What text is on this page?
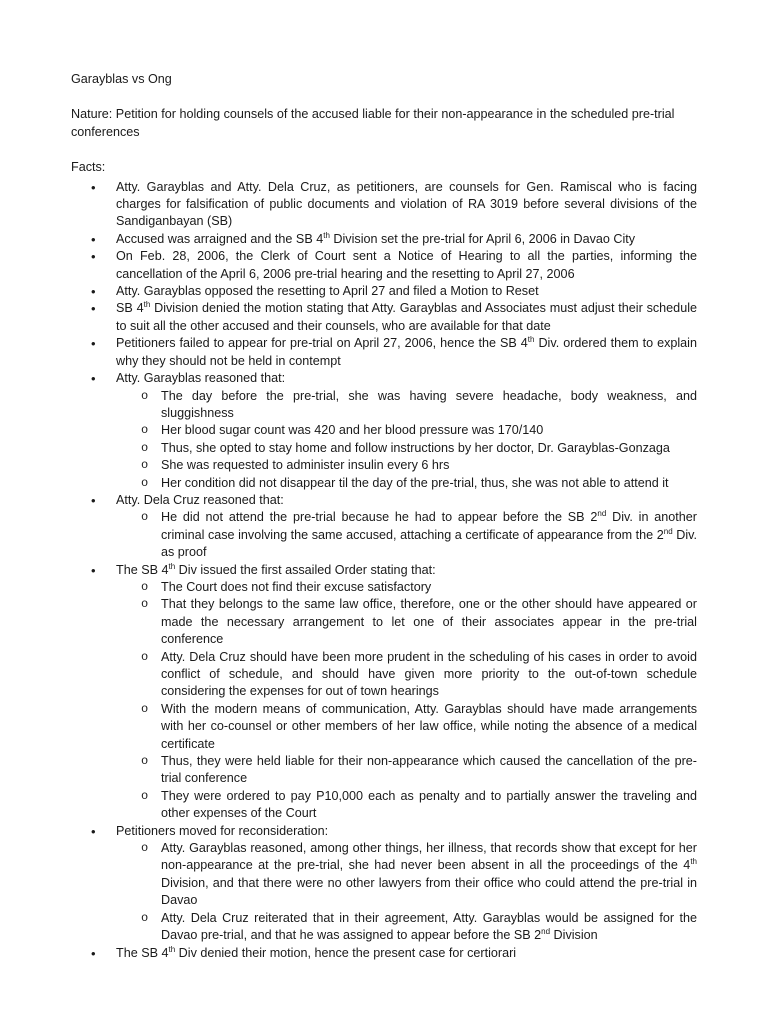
Garayblas vs Ong
Nature: Petition for holding counsels of the accused liable for their non-appearance in the scheduled pre-trial conferences
Facts:
• Atty. Garayblas and Atty. Dela Cruz, as petitioners, are counsels for Gen. Ramiscal who is facing charges for falsification of public documents and violation of RA 3019 before several divisions of the Sandiganbayan (SB)
• Accused was arraigned and the SB 4th Division set the pre-trial for April 6, 2006 in Davao City
• On Feb. 28, 2006, the Clerk of Court sent a Notice of Hearing to all the parties, informing the cancellation of the April 6, 2006 pre-trial hearing and the resetting to April 27, 2006
• Atty. Garayblas opposed the resetting to April 27 and filed a Motion to Reset
• SB 4th Division denied the motion stating that Atty. Garayblas and Associates must adjust their schedule to suit all the other accused and their counsels, who are available for that date
• Petitioners failed to appear for pre-trial on April 27, 2006, hence the SB 4th Div. ordered them to explain why they should not be held in contempt
• Atty. Garayblas reasoned that:
o The day before the pre-trial, she was having severe headache, body weakness, and sluggishness
o Her blood sugar count was 420 and her blood pressure was 170/140
o Thus, she opted to stay home and follow instructions by her doctor, Dr. Garayblas-Gonzaga
o She was requested to administer insulin every 6 hrs
o Her condition did not disappear til the day of the pre-trial, thus, she was not able to attend it
• Atty. Dela Cruz reasoned that:
o He did not attend the pre-trial because he had to appear before the SB 2nd Div. in another criminal case involving the same accused, attaching a certificate of appearance from the 2nd Div. as proof
• The SB 4th Div issued the first assailed Order stating that:
o The Court does not find their excuse satisfactory
o That they belongs to the same law office, therefore, one or the other should have appeared or made the necessary arrangement to let one of their associates appear in the pre-trial conference
o Atty. Dela Cruz should have been more prudent in the scheduling of his cases in order to avoid conflict of schedule, and should have given more priority to the out-of-town schedule considering the expenses for out of town hearings
o With the modern means of communication, Atty. Garayblas should have made arrangements with her co-counsel or other members of her law office, while noting the absence of a medical certificate
o Thus, they were held liable for their non-appearance which caused the cancellation of the pre-trial conference
o They were ordered to pay P10,000 each as penalty and to partially answer the traveling and other expenses of the Court
• Petitioners moved for reconsideration:
o Atty. Garayblas reasoned, among other things, her illness, that records show that except for her non-appearance at the pre-trial, she had never been absent in all the proceedings of the 4th Division, and that there were no other lawyers from their office who could attend the pre-trial in Davao
o Atty. Dela Cruz reiterated that in their agreement, Atty. Garayblas would be assigned for the Davao pre-trial, and that he was assigned to appear before the SB 2nd Division
• The SB 4th Div denied their motion, hence the present case for certiorari
